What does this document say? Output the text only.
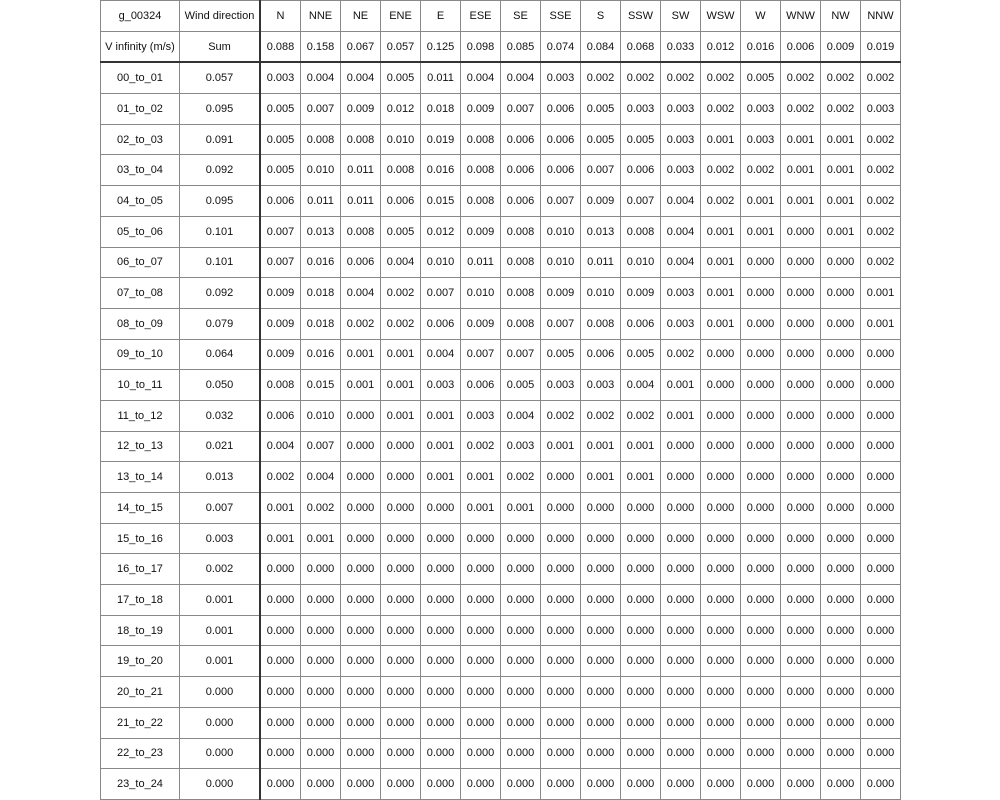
g_00324	Wind direction	N	NNE	NE	ENE	E	ESE	SE	SSE	S	SSW	SW	WSW	W	WNW	NW	NNW
V infinity (m/s)	Sum	0.088	0.158	0.067	0.057	0.125	0.098	0.085	0.074	0.084	0.068	0.033	0.012	0.016	0.006	0.009	0.019
00_to_01	0.057	0.003	0.004	0.004	0.005	0.011	0.004	0.004	0.003	0.002	0.002	0.002	0.002	0.005	0.002	0.002	0.002
01_to_02	0.095	0.005	0.007	0.009	0.012	0.018	0.009	0.007	0.006	0.005	0.003	0.003	0.002	0.003	0.002	0.002	0.003
02_to_03	0.091	0.005	0.008	0.008	0.010	0.019	0.008	0.006	0.006	0.005	0.005	0.003	0.001	0.003	0.001	0.001	0.002
03_to_04	0.092	0.005	0.010	0.011	0.008	0.016	0.008	0.006	0.006	0.007	0.006	0.003	0.002	0.002	0.001	0.001	0.002
04_to_05	0.095	0.006	0.011	0.011	0.006	0.015	0.008	0.006	0.007	0.009	0.007	0.004	0.002	0.001	0.001	0.001	0.002
05_to_06	0.101	0.007	0.013	0.008	0.005	0.012	0.009	0.008	0.010	0.013	0.008	0.004	0.001	0.001	0.000	0.001	0.002
06_to_07	0.101	0.007	0.016	0.006	0.004	0.010	0.011	0.008	0.010	0.011	0.010	0.004	0.001	0.000	0.000	0.000	0.002
07_to_08	0.092	0.009	0.018	0.004	0.002	0.007	0.010	0.008	0.009	0.010	0.009	0.003	0.001	0.000	0.000	0.000	0.001
08_to_09	0.079	0.009	0.018	0.002	0.002	0.006	0.009	0.008	0.007	0.008	0.006	0.003	0.001	0.000	0.000	0.000	0.001
09_to_10	0.064	0.009	0.016	0.001	0.001	0.004	0.007	0.007	0.005	0.006	0.005	0.002	0.000	0.000	0.000	0.000	0.000
10_to_11	0.050	0.008	0.015	0.001	0.001	0.003	0.006	0.005	0.003	0.003	0.004	0.001	0.000	0.000	0.000	0.000	0.000
11_to_12	0.032	0.006	0.010	0.000	0.001	0.001	0.003	0.004	0.002	0.002	0.002	0.001	0.000	0.000	0.000	0.000	0.000
12_to_13	0.021	0.004	0.007	0.000	0.000	0.001	0.002	0.003	0.001	0.001	0.001	0.000	0.000	0.000	0.000	0.000	0.000
13_to_14	0.013	0.002	0.004	0.000	0.000	0.001	0.001	0.002	0.000	0.001	0.001	0.000	0.000	0.000	0.000	0.000	0.000
14_to_15	0.007	0.001	0.002	0.000	0.000	0.000	0.001	0.001	0.000	0.000	0.000	0.000	0.000	0.000	0.000	0.000	0.000
15_to_16	0.003	0.001	0.001	0.000	0.000	0.000	0.000	0.000	0.000	0.000	0.000	0.000	0.000	0.000	0.000	0.000	0.000
16_to_17	0.002	0.000	0.000	0.000	0.000	0.000	0.000	0.000	0.000	0.000	0.000	0.000	0.000	0.000	0.000	0.000	0.000
17_to_18	0.001	0.000	0.000	0.000	0.000	0.000	0.000	0.000	0.000	0.000	0.000	0.000	0.000	0.000	0.000	0.000	0.000
18_to_19	0.001	0.000	0.000	0.000	0.000	0.000	0.000	0.000	0.000	0.000	0.000	0.000	0.000	0.000	0.000	0.000	0.000
19_to_20	0.001	0.000	0.000	0.000	0.000	0.000	0.000	0.000	0.000	0.000	0.000	0.000	0.000	0.000	0.000	0.000	0.000
20_to_21	0.000	0.000	0.000	0.000	0.000	0.000	0.000	0.000	0.000	0.000	0.000	0.000	0.000	0.000	0.000	0.000	0.000
21_to_22	0.000	0.000	0.000	0.000	0.000	0.000	0.000	0.000	0.000	0.000	0.000	0.000	0.000	0.000	0.000	0.000	0.000
22_to_23	0.000	0.000	0.000	0.000	0.000	0.000	0.000	0.000	0.000	0.000	0.000	0.000	0.000	0.000	0.000	0.000	0.000
23_to_24	0.000	0.000	0.000	0.000	0.000	0.000	0.000	0.000	0.000	0.000	0.000	0.000	0.000	0.000	0.000	0.000	0.000
